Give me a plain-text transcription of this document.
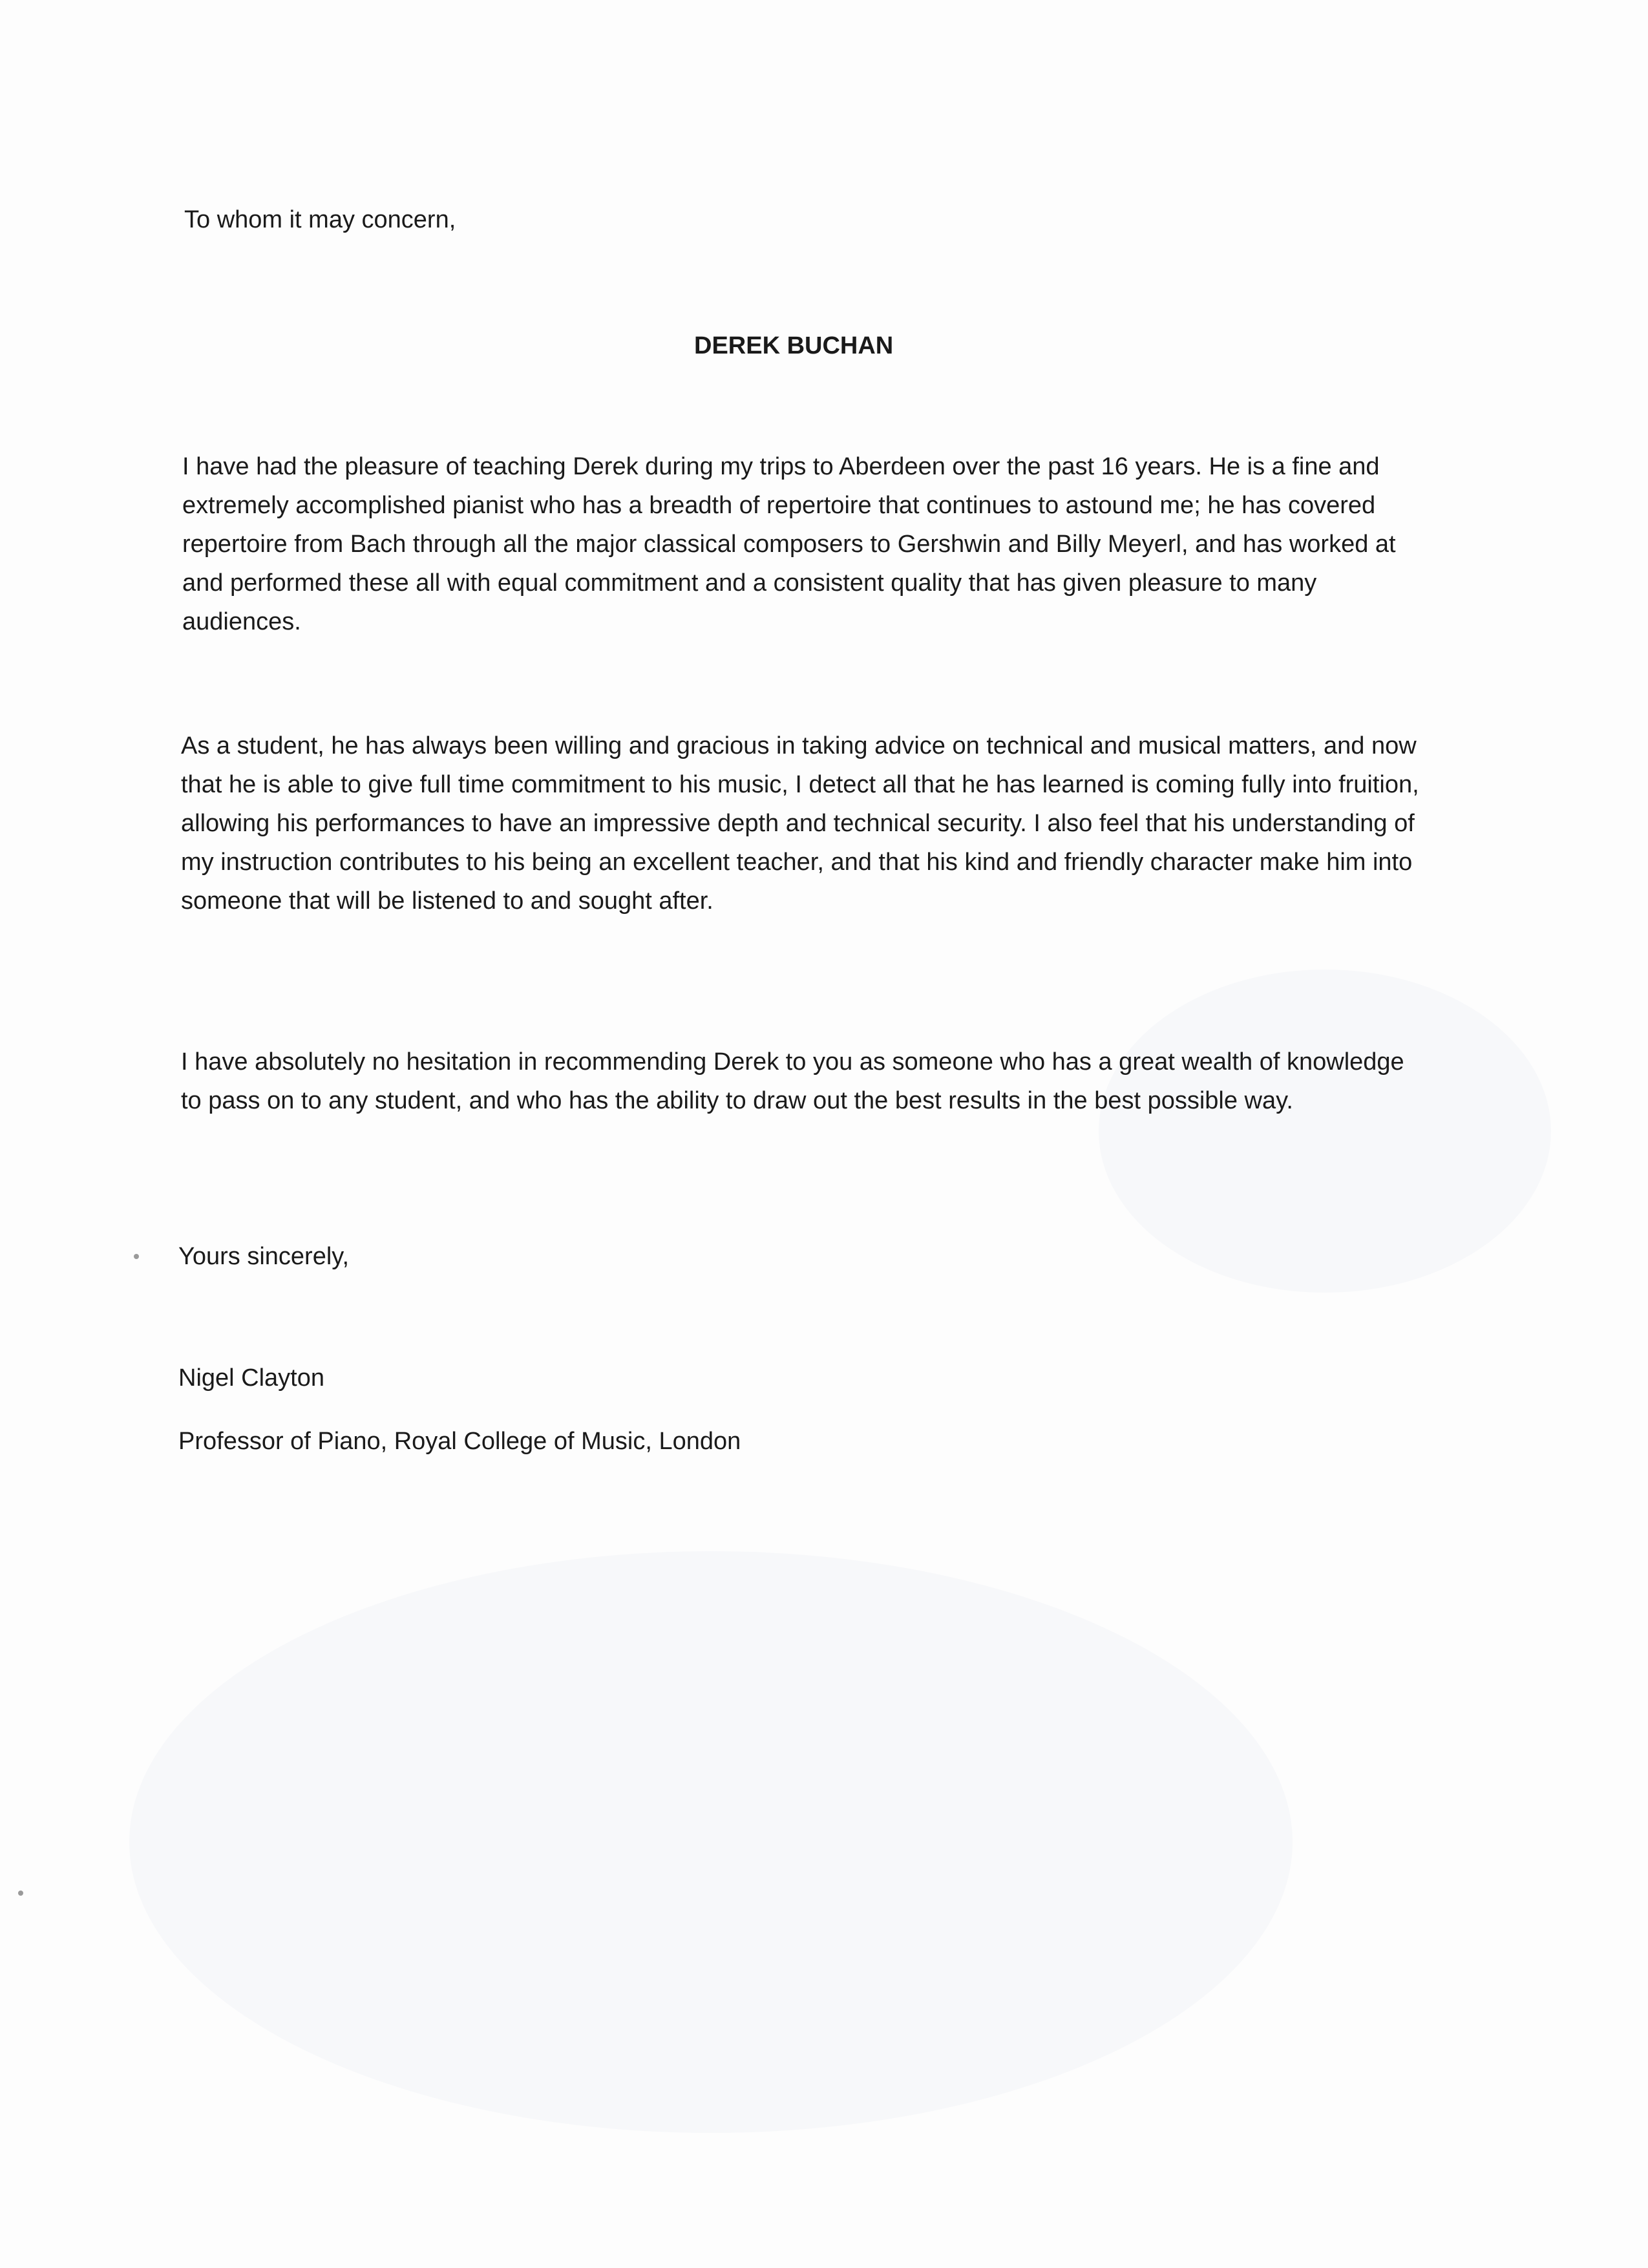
To whom it may concern,
DEREK BUCHAN
I have had the pleasure of teaching Derek during my trips to Aberdeen over the past 16 years. He is a fine and extremely accomplished pianist who has a breadth of repertoire that continues to astound me; he has covered repertoire from Bach through all the major classical composers to Gershwin and Billy Meyerl, and has worked at and performed these all with equal commitment and a consistent quality that has given pleasure to many audiences.
As a student, he has always been willing and gracious in taking advice on technical and musical matters, and now that he is able to give full time commitment to his music, I detect all that he has learned is coming fully into fruition, allowing his performances to have an impressive depth and technical security. I also feel that his understanding of my instruction contributes to his being an excellent teacher, and that his kind and friendly character make him into someone that will be listened to and sought after.
I have absolutely no hesitation in recommending Derek to you as someone who has a great wealth of knowledge to pass on to any student, and who has the ability to draw out the best results in the best possible way.
Yours sincerely,
Nigel Clayton
Professor of Piano, Royal College of Music, London
